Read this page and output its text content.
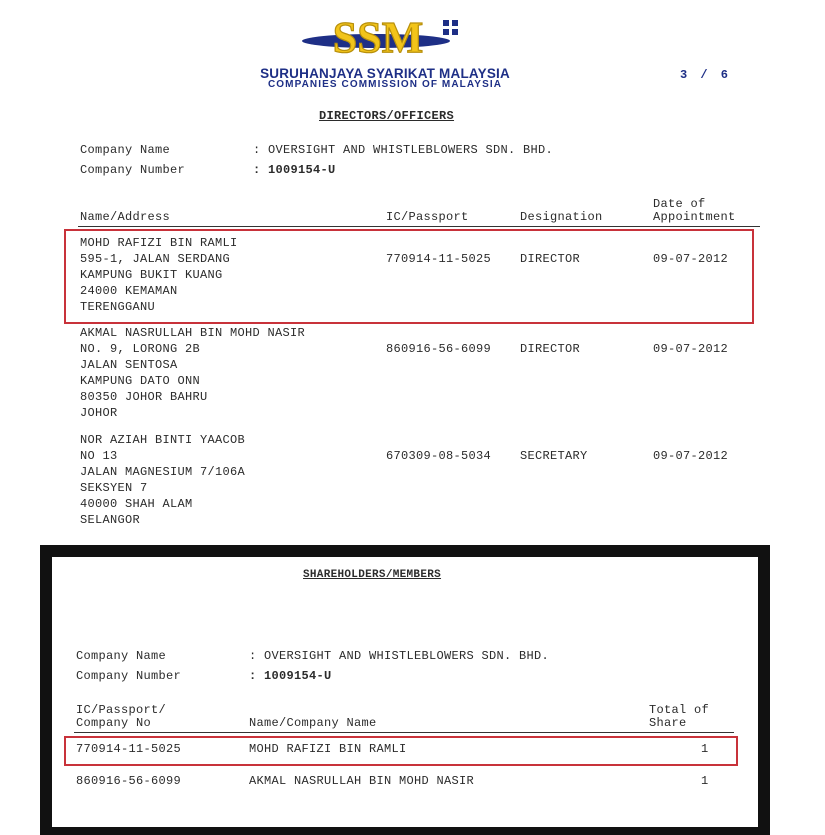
SSM
SURUHANJAYA SYARIKAT MALAYSIA
COMPANIES COMMISSION OF MALAYSIA
3 / 6
DIRECTORS/OFFICERS
Company Name	: OVERSIGHT AND WHISTLEBLOWERS SDN. BHD.
Company Number	: 1009154-U
Name/Address	IC/Passport	Designation
Date of
Appointment
MOHD RAFIZI BIN RAMLI
595-1, JALAN SERDANG
KAMPUNG BUKIT KUANG
24000 KEMAMAN
TERENGGANU
770914-11-5025 DIRECTOR	09-07-2012
AKMAL NASRULLAH BIN MOHD NASIR
NO. 9, LORONG 2B
JALAN SENTOSA
KAMPUNG DATO ONN
80350 JOHOR BAHRU
JOHOR
860916-56-6099 DIRECTOR	09-07-2012
NOR AZIAH BINTI YAACOB
NO 13
JALAN MAGNESIUM 7/106A
SEKSYEN 7
40000 SHAH ALAM
SELANGOR
670309-08-5034 SECRETARY	09-07-2012
SHAREHOLDERS/MEMBERS
Company Name	: OVERSIGHT AND WHISTLEBLOWERS SDN. BHD.
Company Number	: 1009154-U
IC/Passport/
Company No	Name/Company Name
Total of
Share
770914-11-5025	MOHD RAFIZI BIN RAMLI	1
860916-56-6099	AKMAL NASRULLAH BIN MOHD NASIR	1
